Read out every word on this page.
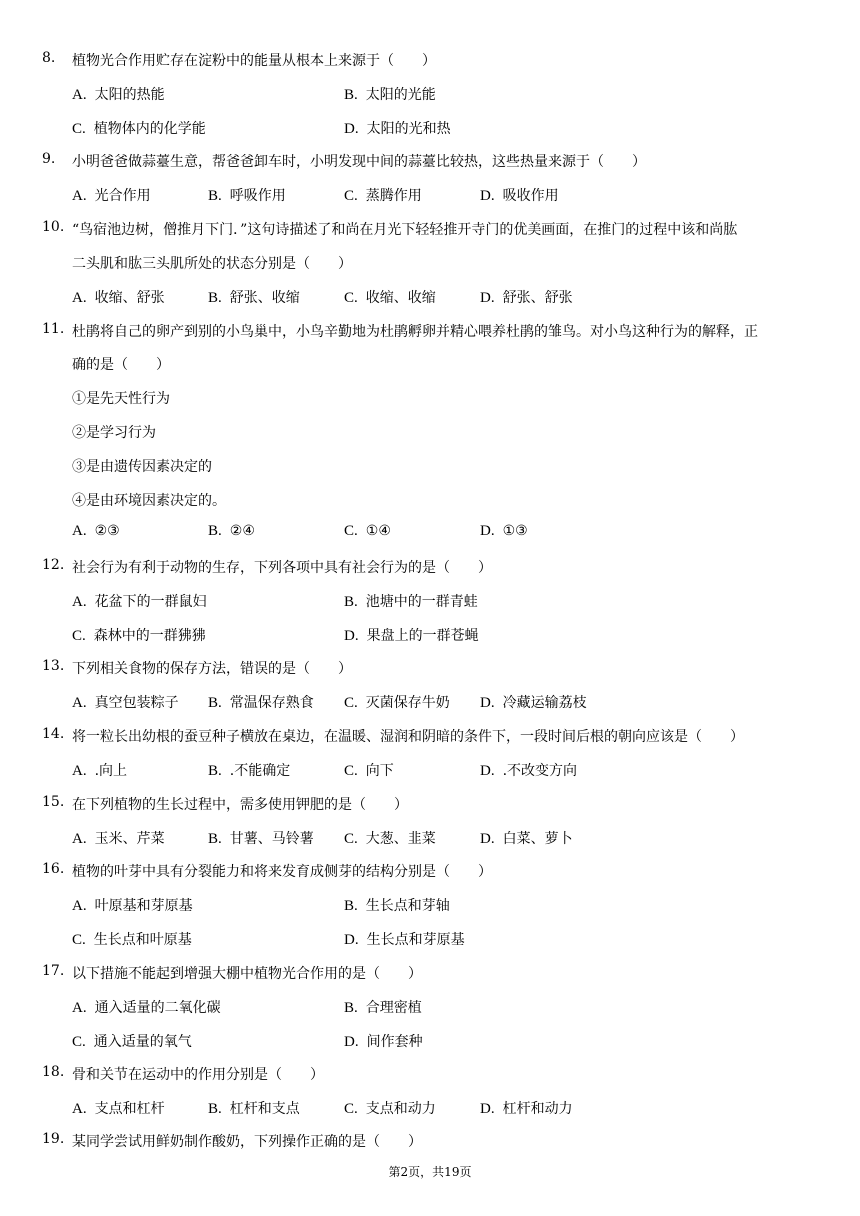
8. 植物光合作用贮存在淀粉中的能量从根本上来源于（　　）
A. 太阳的热能	B. 太阳的光能
C. 植物体内的化学能	D. 太阳的光和热
9. 小明爸爸做蒜薹生意，帮爸爸卸车时，小明发现中间的蒜薹比较热，这些热量来源于（　　）
A. 光合作用	B. 呼吸作用	C. 蒸腾作用	D. 吸收作用
10. “鸟宿池边树，僧推月下门．”这句诗描述了和尚在月光下轻轻推开寺门的优美画面，在推门的过程中该和尚肱
二头肌和肱三头肌所处的状态分别是（　　）
A. 收缩、舒张	B. 舒张、收缩	C. 收缩、收缩	D. 舒张、舒张
11. 杜鹃将自己的卵产到别的小鸟巢中，小鸟辛勤地为杜鹃孵卵并精心喂养杜鹃的雏鸟。对小鸟这种行为的解释，正
确的是（　　）
①是先天性行为
②是学习行为
③是由遗传因素决定的
④是由环境因素决定的。
A. ②③	B. ②④	C. ①④	D. ①③
12. 社会行为有利于动物的生存，下列各项中具有社会行为的是（　　）
A. 花盆下的一群鼠妇	B. 池塘中的一群青蛙
C. 森林中的一群狒狒	D. 果盘上的一群苍蝇
13. 下列相关食物的保存方法，错误的是（　　）
A. 真空包装粽子 B. 常温保存熟食 C. 灭菌保存牛奶 D. 冷藏运输荔枝
14. 将一粒长出幼根的蚕豆种子横放在桌边，在温暖、湿润和阴暗的条件下，一段时间后根的朝向应该是（　　）
A. .向上	B. .不能确定	C. 向下	D. .不改变方向
15. 在下列植物的生长过程中，需多使用钾肥的是（　　）
A. 玉米、芹菜	B. 甘薯、马铃薯 C. 大葱、韭菜	D. 白菜、萝卜
16. 植物的叶芽中具有分裂能力和将来发育成侧芽的结构分别是（　　）
A. 叶原基和芽原基	B. 生长点和芽轴
C. 生长点和叶原基	D. 生长点和芽原基
17. 以下措施不能起到增强大棚中植物光合作用的是（　　）
A. 通入适量的二氧化碳	B. 合理密植
C. 通入适量的氧气	D. 间作套种
18. 骨和关节在运动中的作用分别是（　　）
A. 支点和杠杆	B. 杠杆和支点	C. 支点和动力	D. 杠杆和动力
19. 某同学尝试用鲜奶制作酸奶，下列操作正确的是（　　）
第2页，共19页
